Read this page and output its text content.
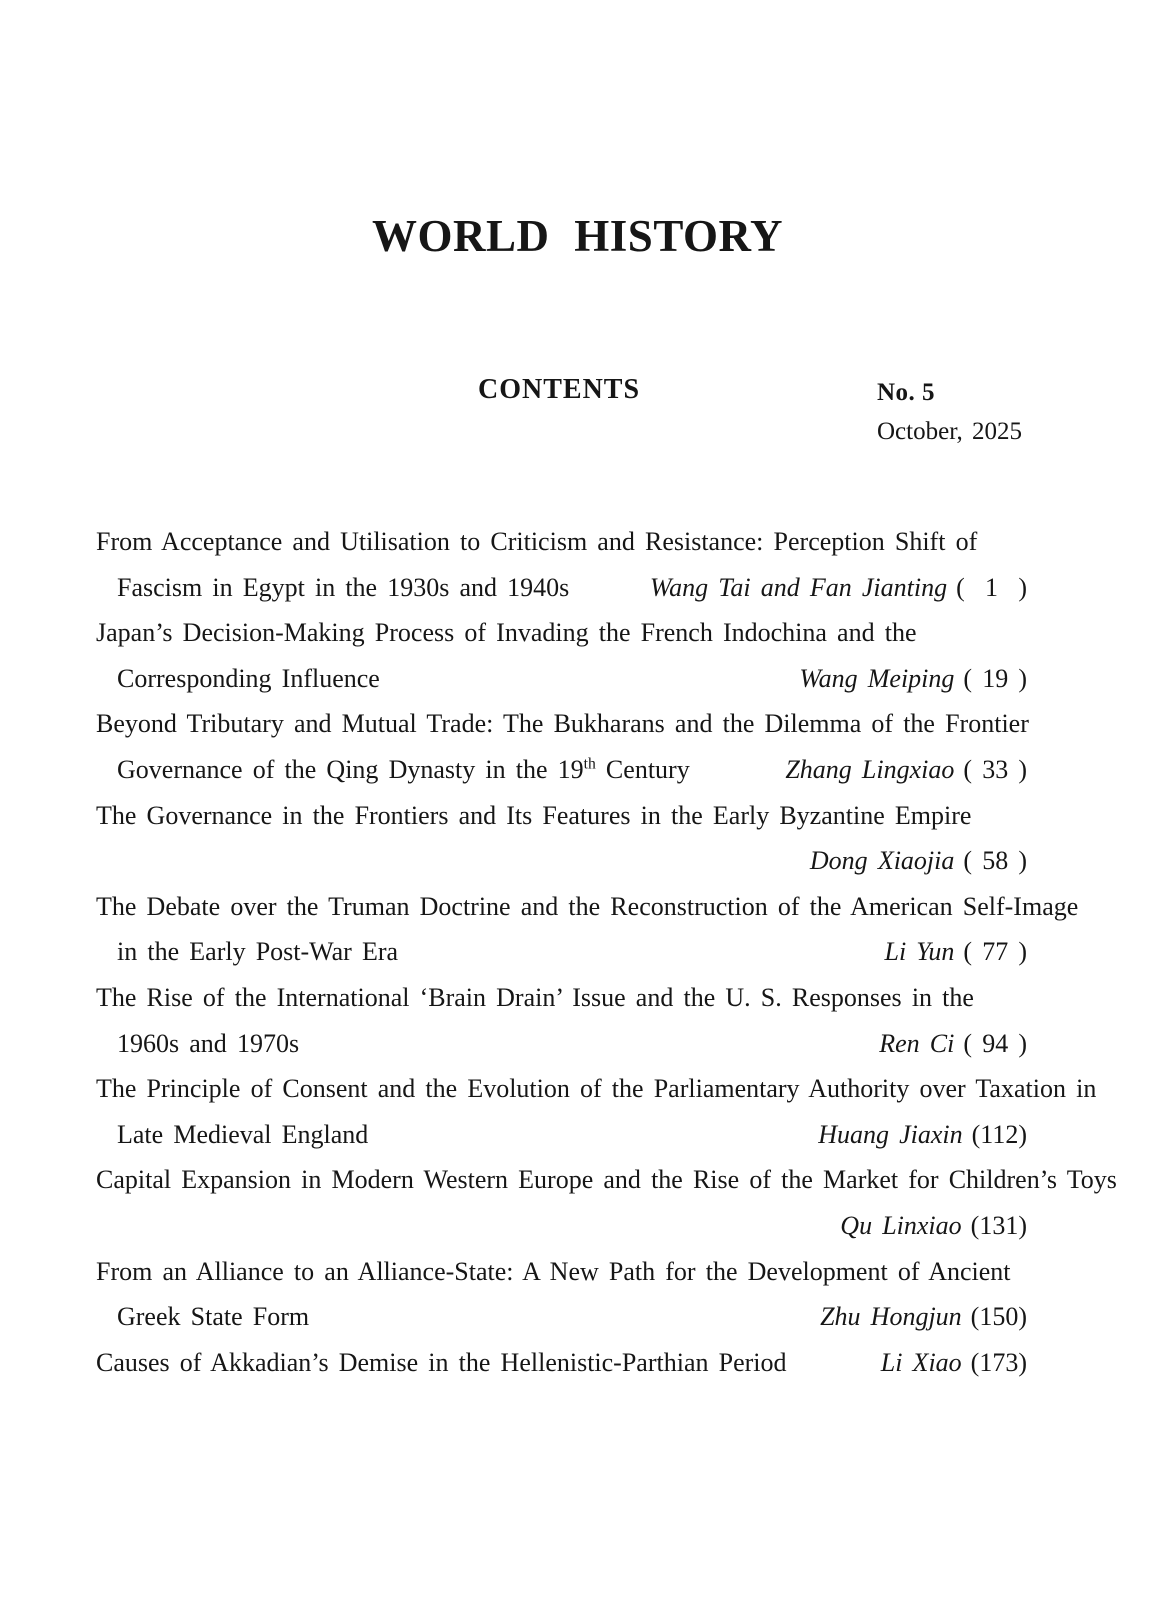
WORLD HISTORY
CONTENTS	No. 5
October, 2025
From Acceptance and Utilisation to Criticism and Resistance: Perception Shift of
Fascism in Egypt in the 1930s and 1940s	Wang Tai and Fan Jianting (  1  )
Japan’s Decision-Making Process of Invading the French Indochina and the
Corresponding Influence	Wang Meiping ( 19 )
Beyond Tributary and Mutual Trade: The Bukharans and the Dilemma of the Frontier
Governance of the Qing Dynasty in the 19th Century	Zhang Lingxiao ( 33 )
The Governance in the Frontiers and Its Features in the Early Byzantine Empire
Dong Xiaojia ( 58 )
The Debate over the Truman Doctrine and the Reconstruction of the American Self-Image
in the Early Post-War Era	Li Yun ( 77 )
The Rise of the International ‘Brain Drain’ Issue and the U. S. Responses in the
1960s and 1970s	Ren Ci ( 94 )
The Principle of Consent and the Evolution of the Parliamentary Authority over Taxation in
Late Medieval England	Huang Jiaxin (112)
Capital Expansion in Modern Western Europe and the Rise of the Market for Children’s Toys
Qu Linxiao (131)
From an Alliance to an Alliance-State: A New Path for the Development of Ancient
Greek State Form	Zhu Hongjun (150)
Causes of Akkadian’s Demise in the Hellenistic-Parthian Period	Li Xiao (173)
